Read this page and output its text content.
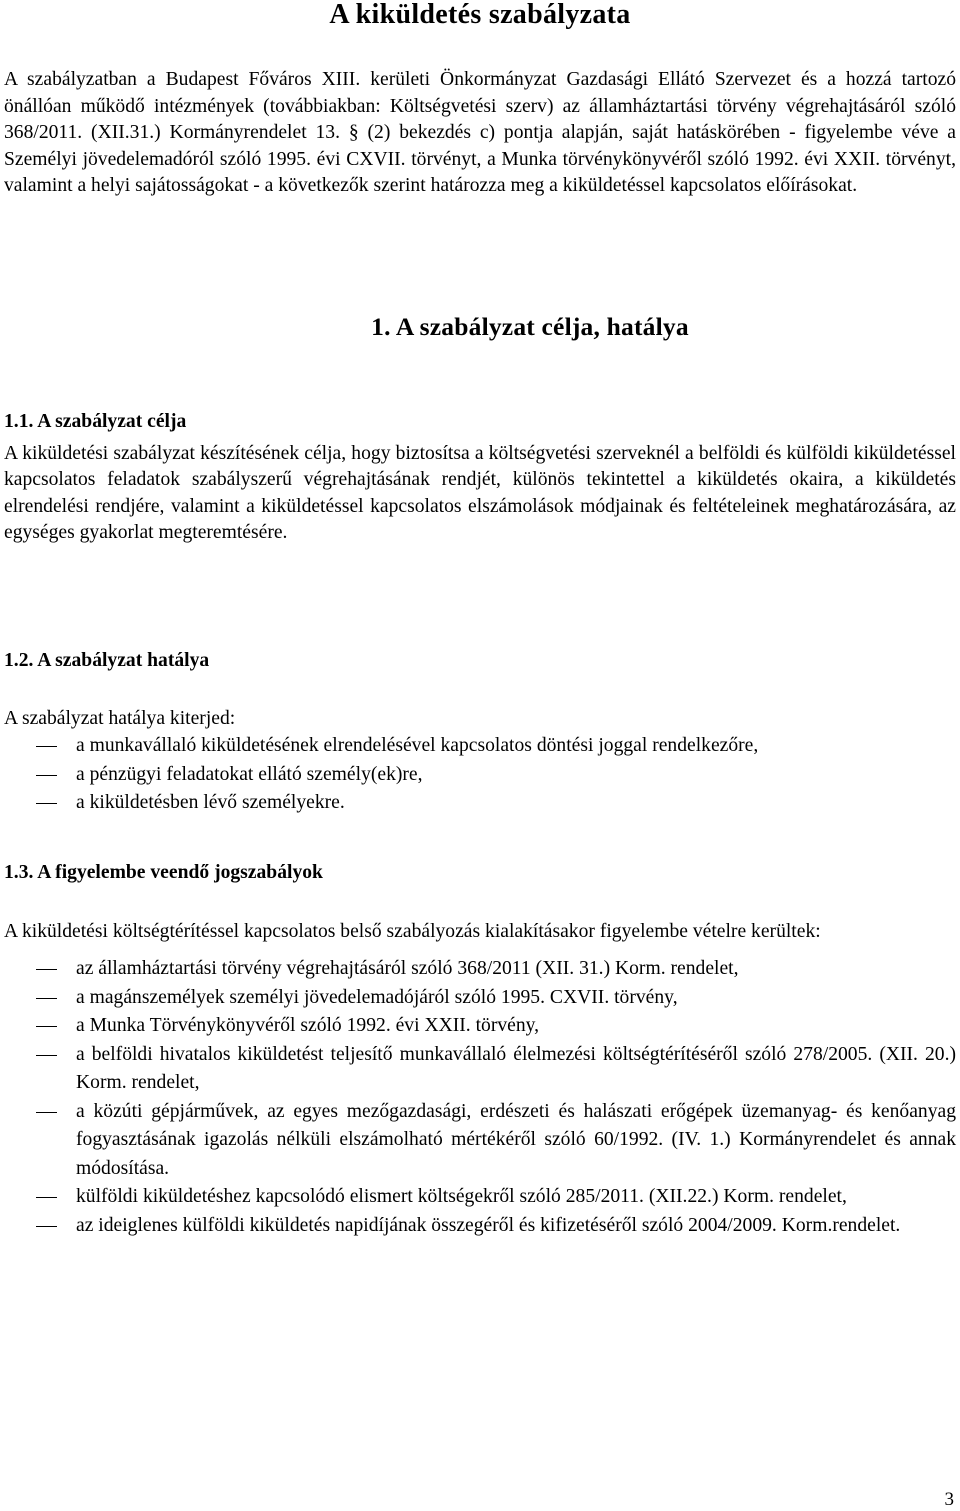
A kiküldetés szabályzata
A szabályzatban a Budapest Főváros XIII. kerületi Önkormányzat Gazdasági Ellátó Szervezet és a hozzá tartozó önállóan működő intézmények (továbbiakban: Költségvetési szerv) az államháztartási törvény végrehajtásáról szóló 368/2011. (XII.31.) Kormányrendelet 13. § (2) bekezdés c) pontja alapján, saját hatáskörében - figyelembe véve a Személyi jövedelemadóról szóló 1995. évi CXVII. törvényt, a Munka törvénykönyvéről szóló 1992. évi XXII. törvényt, valamint a helyi sajátosságokat - a következők szerint határozza meg a kiküldetéssel kapcsolatos előírásokat.
1. A szabályzat célja, hatálya
1.1. A szabályzat célja
A kiküldetési szabályzat készítésének célja, hogy biztosítsa a költségvetési szerveknél a belföldi és külföldi kiküldetéssel kapcsolatos feladatok szabályszerű végrehajtásának rendjét, különös tekintettel a kiküldetés okaira, a kiküldetés elrendelési rendjére, valamint a kiküldetéssel kapcsolatos elszámolások módjainak és feltételeinek meghatározására, az egységes gyakorlat megteremtésére.
1.2. A szabályzat hatálya
A szabályzat hatálya kiterjed:
a munkavállaló kiküldetésének elrendelésével kapcsolatos döntési joggal rendelkezőre,
a pénzügyi feladatokat ellátó személy(ek)re,
a kiküldetésben lévő személyekre.
1.3. A figyelembe veendő jogszabályok
A kiküldetési költségtérítéssel kapcsolatos belső szabályozás kialakításakor figyelembe vételre kerültek:
az államháztartási törvény végrehajtásáról szóló 368/2011 (XII. 31.) Korm. rendelet,
a magánszemélyek személyi jövedelemadójáról szóló 1995. CXVII. törvény,
a Munka Törvénykönyvéről szóló 1992. évi XXII. törvény,
a belföldi hivatalos kiküldetést teljesítő munkavállaló élelmezési költségtérítéséről szóló 278/2005. (XII. 20.) Korm. rendelet,
a közúti gépjárművek, az egyes mezőgazdasági, erdészeti és halászati erőgépek üzemanyag- és kenőanyag fogyasztásának igazolás nélküli elszámolható mértékéről szóló 60/1992. (IV. 1.) Kormányrendelet és annak módosítása.
külföldi kiküldetéshez kapcsolódó elismert költségekről szóló 285/2011. (XII.22.) Korm. rendelet,
az ideiglenes külföldi kiküldetés napidíjának összegéről és kifizetéséről szóló 2004/2009. Korm.rendelet.
3
